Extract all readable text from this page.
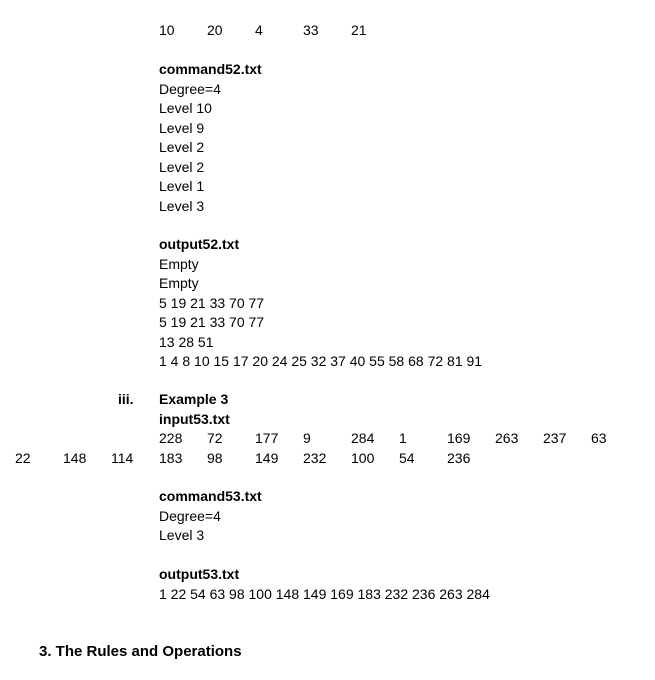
10 20 4	33 21
command52.txt
Degree=4
Level 10
Level 9
Level 2
Level 2
Level 1
Level 3
output52.txt
Empty
Empty
5 19 21 33 70 77
5 19 21 33 70 77
13 28 51
1 4 8 10 15 17 20 24 25 32 37 40 55 58 68 72 81 91
iii. Example 3
input53.txt
228 72 177 9	284 1	169 263 237 63
22 148 114 183 98 149 232 100 54 236
command53.txt
Degree=4
Level 3
output53.txt
1 22 54 63 98 100 148 149 169 183 232 236 263 284
3. The Rules and Operations
